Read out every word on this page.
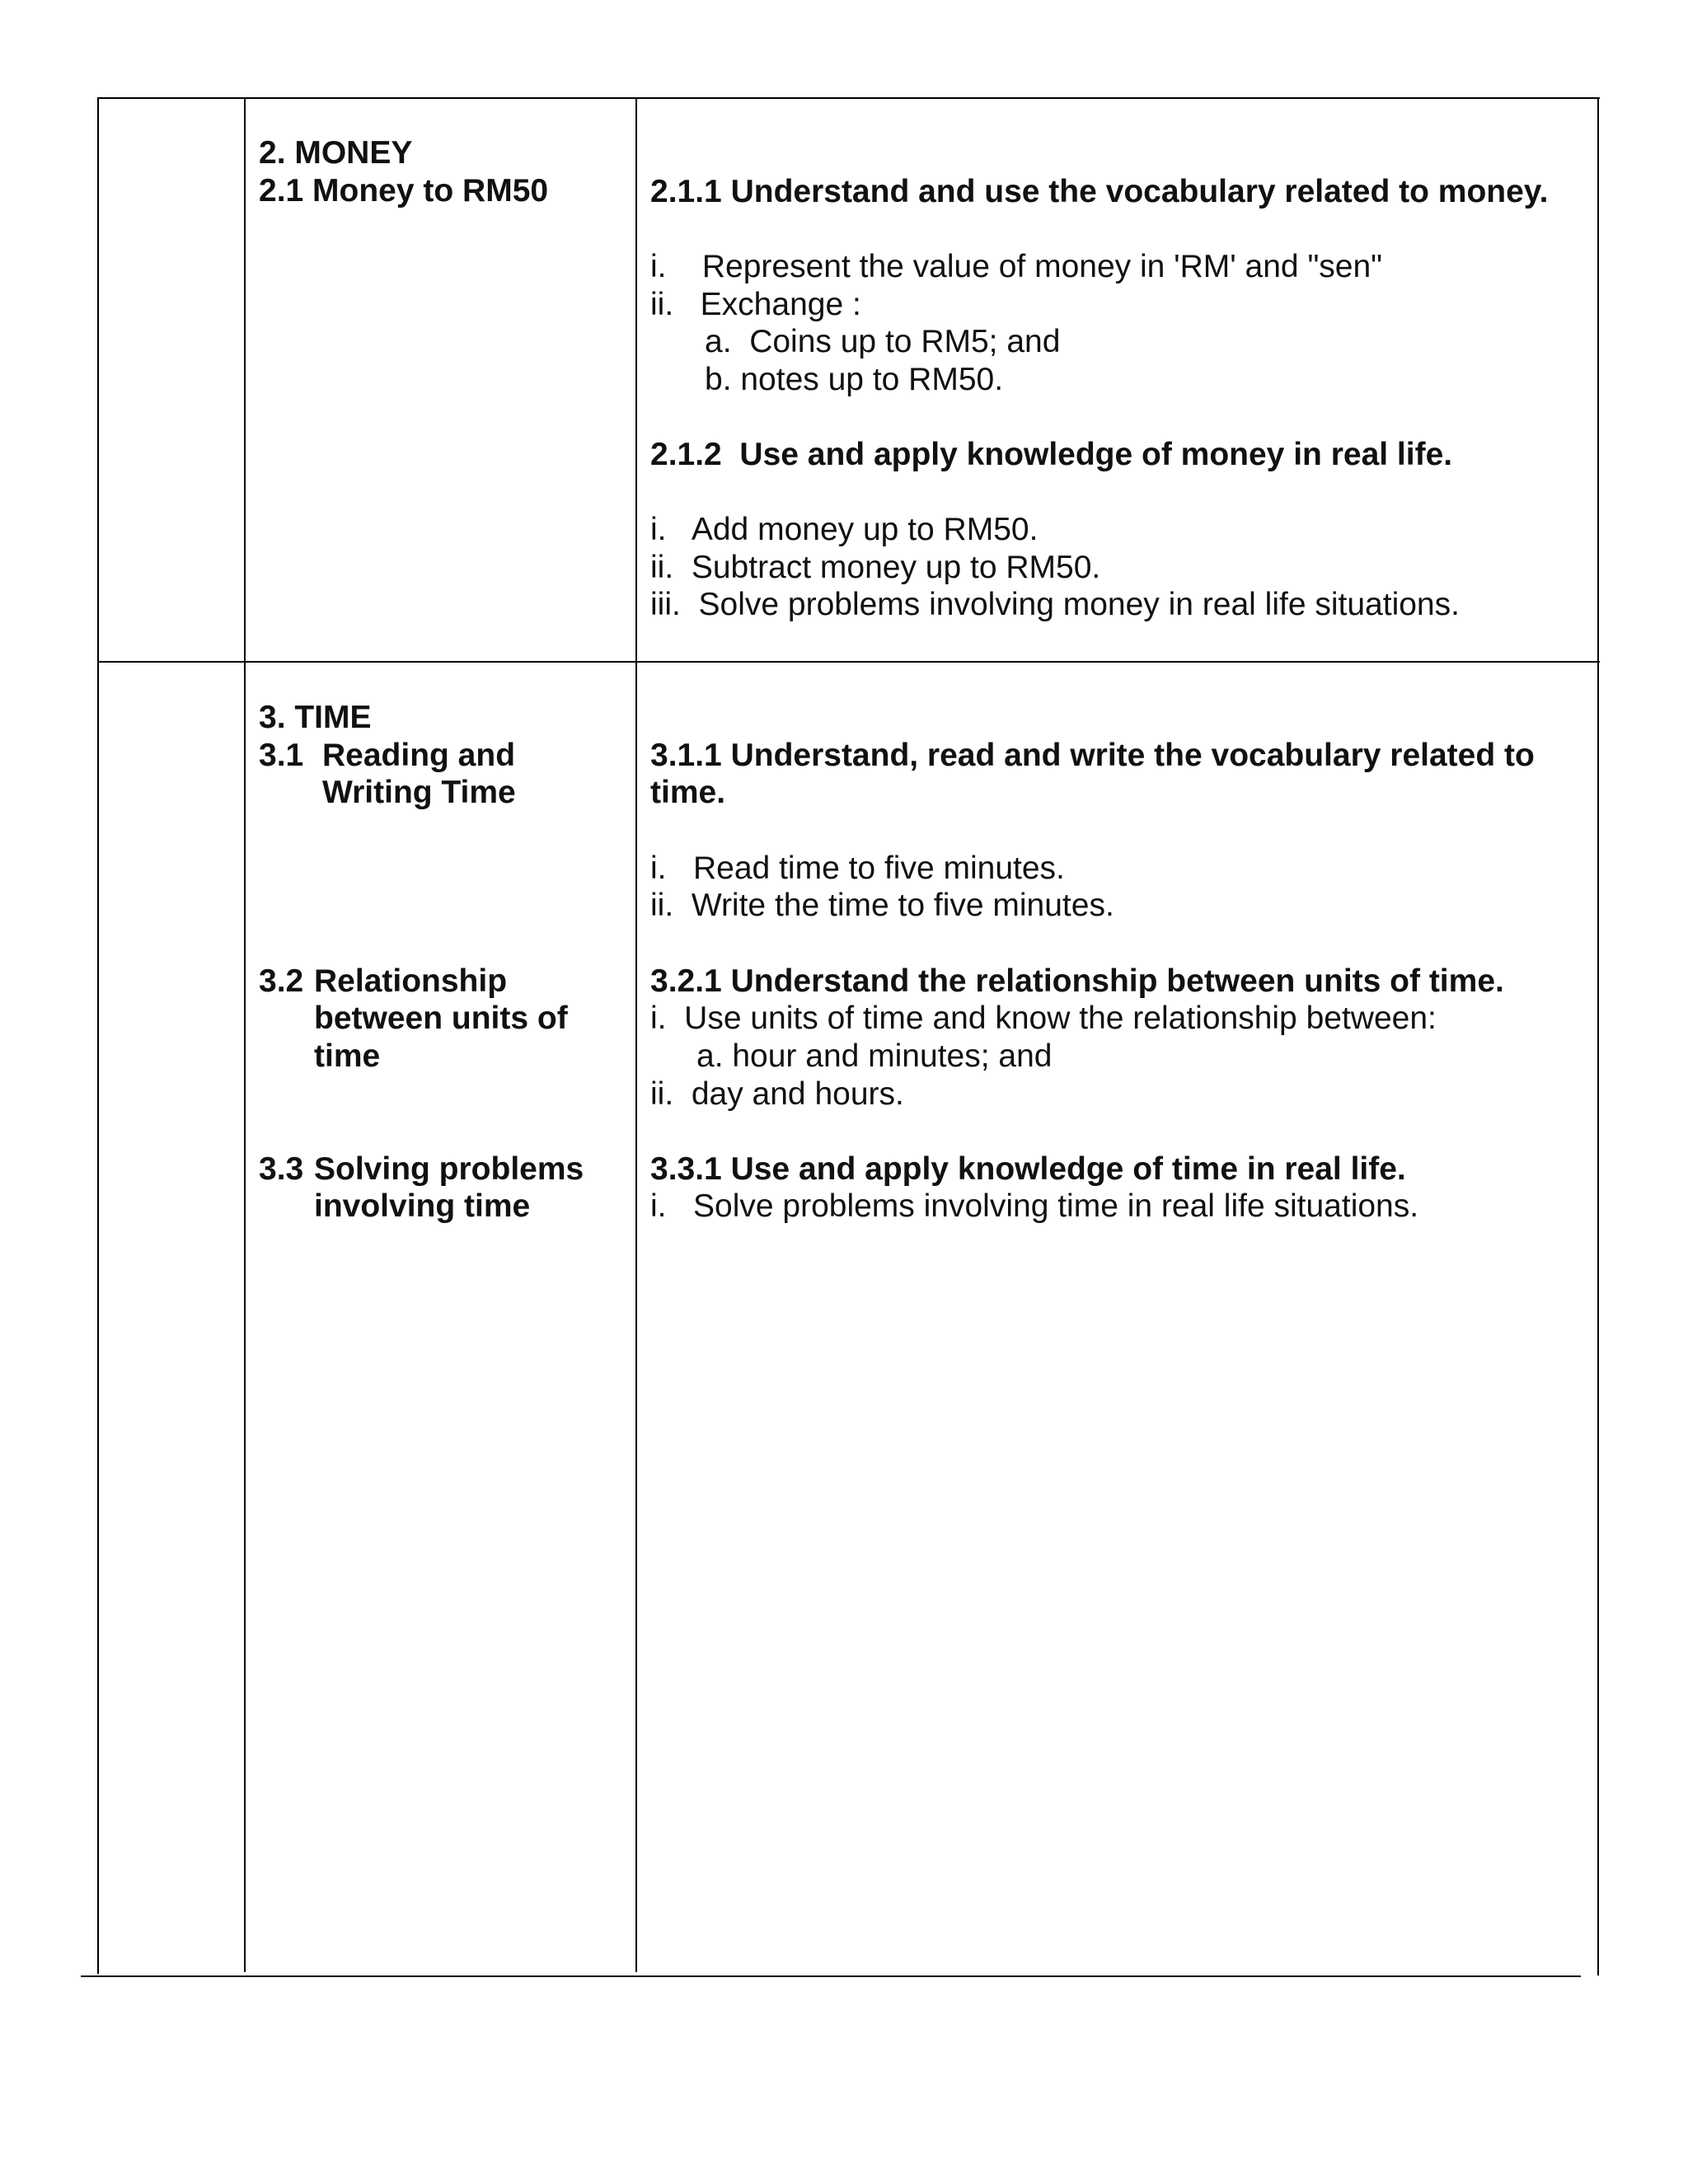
2. MONEY

2.1 Money to RM50	2.1.1 Understand and use the vocabulary related to money.

i.    Represent the value of money in 'RM' and "sen"

ii.   Exchange :

a.  Coins up to RM5; and

b. notes up to RM50.

2.1.2  Use and apply knowledge of money in real life.

i.   Add money up to RM50.

ii.  Subtract money up to RM50.

iii.  Solve problems involving money in real life situations.

3. TIME

3.1 Reading and

Writing Time

3.2 Relationship

between units of

time

3.3 Solving problems

involving time

3.1.1 Understand, read and write the vocabulary related to

time.

i.   Read time to five minutes.

ii.  Write the time to five minutes.

3.2.1 Understand the relationship between units of time.

i.  Use units of time and know the relationship between:

a. hour and minutes; and

ii.  day and hours.

3.3.1 Use and apply knowledge of time in real life.

i.   Solve problems involving time in real life situations.
